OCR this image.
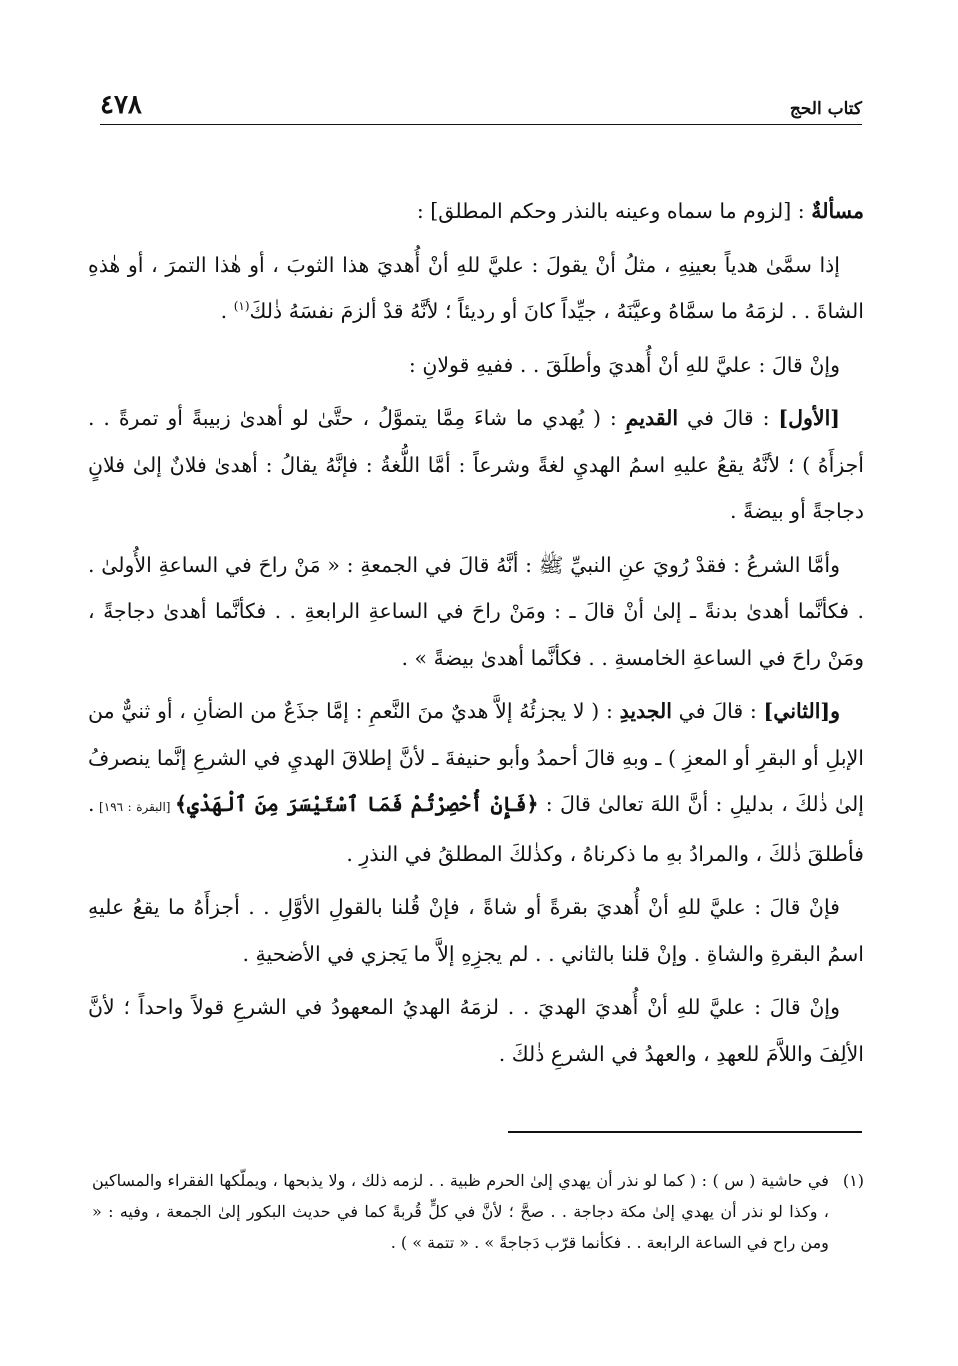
كتاب الحج
٤٧٨

مسألةٌ : [لزوم ما سماه وعينه بالنذر وحكم المطلق] :

إذا سمَّىٰ هدياً بعينِهِ ، مثلُ أنْ يقولَ : عليَّ للهِ أنْ أُهديَ هذا الثوبَ ، أو هٰذا التمرَ ، أو هٰذهِ الشاةَ . . لزمَهُ ما سمَّاهُ وعيَّنَهُ ، جيِّداً كانَ أو رديئاً ؛ لأنَّهُ قدْ ألزمَ نفسَهُ ذٰلكَ$^{(١)}$ .

وإنْ قالَ : عليَّ للهِ أنْ أُهديَ وأطلَقَ . . ففيهِ قولانِ :

[الأول] : قالَ في القديمِ : ( يُهدي ما شاءَ مِمَّا يتموَّلُ ، حتَّىٰ لو أهدىٰ زبيبةً أو تمرةً . . أجزأَهُ ) ؛ لأنَّهُ يقعُ عليهِ اسمُ الهديِ لغةً وشرعاً : أمَّا اللُّغةُ : فإنَّهُ يقالُ : أهدىٰ فلانٌ إلىٰ فلانٍ دجاجةً أو بيضةً .

وأمَّا الشرعُ : فقدْ رُويَ عنِ النبيِّ ﷺ : أنَّهُ قالَ في الجمعةِ : « مَنْ راحَ في الساعةِ الأُولىٰ . . فكأنَّما أهدىٰ بدنةً ـ إلىٰ أنْ قالَ ـ : ومَنْ راحَ في الساعةِ الرابعةِ . . فكأنَّما أهدىٰ دجاجةً ، ومَنْ راحَ في الساعةِ الخامسةِ . . فكأنَّما أهدىٰ بيضةً » .

و[الثاني] : قالَ في الجديدِ : ( لا يجزئُهُ إلاَّ هديٌ منَ النَّعمِ : إمَّا جذَعٌ من الضأنِ ، أو ثنيٌّ من الإبلِ أو البقرِ أو المعزِ ) ـ وبهِ قالَ أحمدُ وأبو حنيفةَ ـ لأنَّ إطلاقَ الهديِ في الشرعِ إنَّما ينصرفُ إلىٰ ذٰلكَ ، بدليلِ : أنَّ اللهَ تعالىٰ قالَ : ﴿فَإِنْ أُحْصِرْتُمْ فَمَا ٱسْتَيْسَرَ مِنَ ٱلْهَدْيِ﴾ [البقرة : ١٩٦] . فأطلقَ ذٰلكَ ، والمرادُ بهِ ما ذكرناهُ ، وكذٰلكَ المطلقُ في النذرِ .

فإنْ قالَ : عليَّ للهِ أنْ أُهديَ بقرةً أو شاةً ، فإنْ قُلنا بالقولِ الأوَّلِ . . أجزأَهُ ما يقعُ عليهِ اسمُ البقرةِ والشاةِ . وإنْ قلنا بالثاني . . لم يجزِهِ إلاَّ ما يَجزي في الأضحيةِ .

وإنْ قالَ : عليَّ للهِ أنْ أُهديَ الهديَ . . لزمَهُ الهديُ المعهودُ في الشرعِ قولاً واحداً ؛ لأنَّ الألِفَ واللاَّمَ للعهدِ ، والعهدُ في الشرعِ ذٰلكَ .

(١)
في حاشية ( س ) : ( كما لو نذر أن يهدي إلىٰ الحرم ظبية . . لزمه ذلك ، ولا يذبحها ، ويملّكها الفقراء والمساكين ، وكذا لو نذر أن يهدي إلىٰ مكة دجاجة . . صحَّ ؛ لأنَّ في كلٍّ قُربةً كما في حديث البكور إلىٰ الجمعة ، وفيه : « ومن راح في الساعة الرابعة . . فكأنما قرّب دَجاجةً » . « تتمة » ) .
